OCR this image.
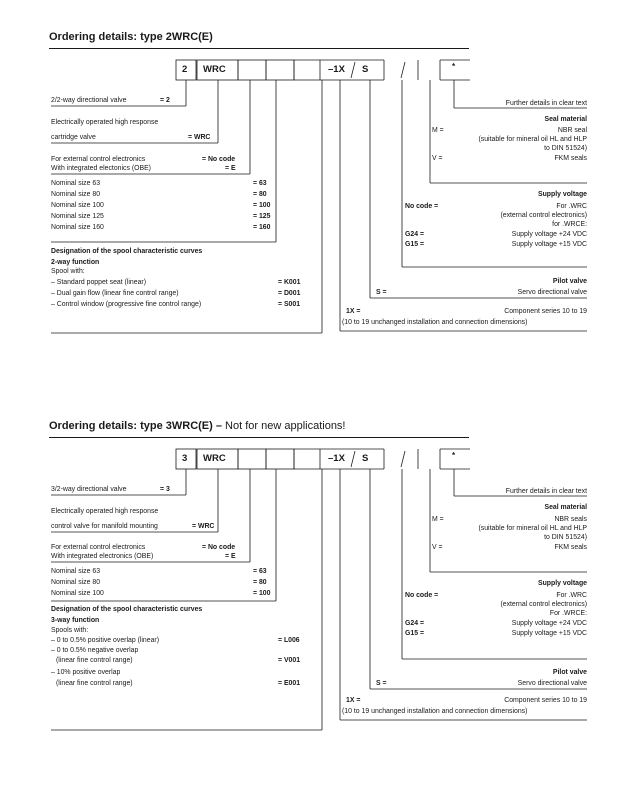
Ordering details: type 2WRC(E)
2 WRC	–1X S	*
2/2-way directional valve	= 2
Electrically operated high response
cartridge valve	= WRC
For external control electronics	= No code
With integrated electonics (OBE)	= E
Nominal size 63	= 63
Nominal size 80	= 80
Nominal size 100	= 100
Nominal size 125	= 125
Nominal size 160	= 160
Designation of the spool characteristic curves
2-way function
Spool with:
– Standard poppet seat (linear)	= K001
– Dual gain flow (linear fine control range)	= D001
– Control window (progressive fine control range)	= S001
Further details in clear text
Seal material
M =	NBR seal
(suitable for mineral oil HL and HLP
to DIN 51524)
V =	FKM seals
Supply voltage
No code =	For .WRC
(external control electronics)
for .WRCE:
G24 =	Supply voltage +24 VDC
G15 =	Supply voltage +15 VDC
Pilot valve
S =	Servo directional valve
1X =	Component series 10 to 19
(10 to 19 unchanged installation and connection dimensions)
Ordering details: type 3WRC(E) – Not for new applications!
3 WRC	–1X S	*
3/2-way directional valve	= 3
Electrically operated high response
control valve for manifold mounting	= WRC
For external control electronics	= No code
With integrated electronics (OBE)	= E
Nominal size 63	= 63
Nominal size 80	= 80
Nominal size 100	= 100
Designation of the spool characteristic curves
3-way function
Spools with:
– 0 to 0.5% positive overlap (linear)	= L006
– 0 to 0.5% negative overlap
(linear fine control range)	= V001
– 10% positive overlap
(linear fine control range)	= E001
Further details in clear text
Seal material
M =	NBR seals
(suitable for mineral oil HL and HLP
to DIN 51524)
V =	FKM seals
Supply voltage
No code =	For .WRC
(external control electronics)
For .WRCE:
G24 =	Supply voltage +24 VDC
G15 =	Supply voltage +15 VDC
Pilot valve
S =	Servo directional valve
1X =	Component series 10 to 19
(10 to 19 unchanged installation and connection dimensions)
